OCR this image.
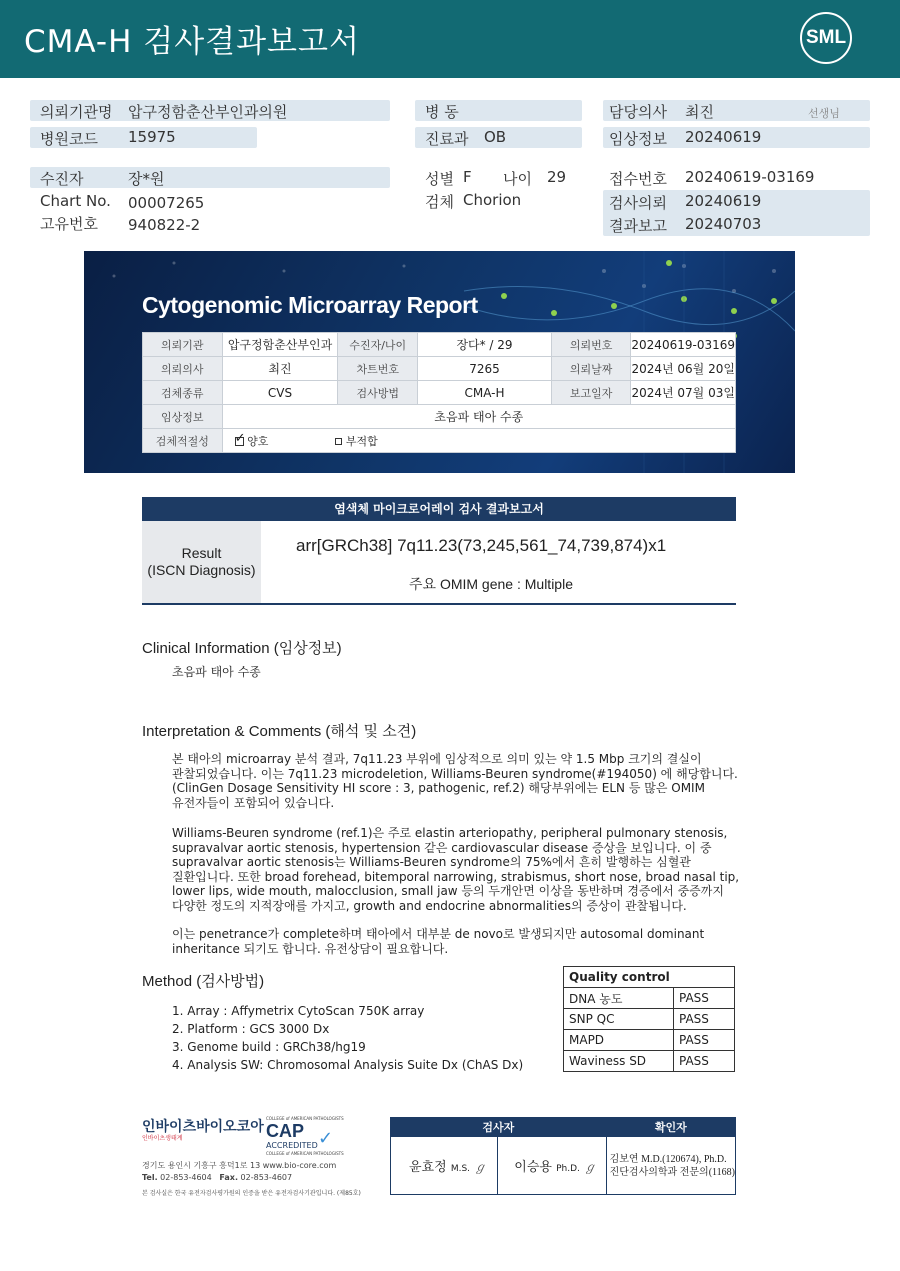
CMA-H 검사결과보고서	SML
의뢰기관명 압구정함춘산부인과의원
병원코드 15975
병 동
진료과 OB
담당의사 최진	선생님
임상정보 20240619
수진자	장*원
Chart No. 00007265
고유번호 940822-2
성별 F 나이 29
검체 Chorion
접수번호 20240619-03169
검사의뢰 20240619
결과보고 20240703
Cytogenomic Microarray Report
의뢰기관	압구정함춘산부인과	수진자/나이	장다* / 29	의뢰번호	20240619-03169
의뢰의사	최진	차트번호	7265	의뢰날짜	2024년 06월 20일
검체종류	CVS	검사방법	CMA-H	보고일자	2024년 07월 03일
임상정보	초음파 태아 수종				
검체적절성	✓ 양호 부적합				
염색체 마이크로어레이 검사 결과보고서
Result
(ISCN Diagnosis)
arr[GRCh38] 7q11.23(73,245,561_74,739,874)x1
주요 OMIM gene : Multiple
Clinical Information (임상정보)
초음파 태아 수종
Interpretation & Comments (해석 및 소견)
본 태아의 microarray 분석 결과, 7q11.23 부위에 임상적으로 의미 있는 약 1.5 Mbp 크기의 결실이
관찰되었습니다. 이는 7q11.23 microdeletion, Williams-Beuren syndrome(#194050) 에 해당합니다.
(ClinGen Dosage Sensitivity HI score : 3, pathogenic, ref.2) 해당부위에는 ELN 등 많은 OMIM
유전자들이 포함되어 있습니다.
Williams-Beuren syndrome (ref.1)은 주로 elastin arteriopathy, peripheral pulmonary stenosis,
supravalvar aortic stenosis, hypertension 같은 cardiovascular disease 증상을 보입니다. 이 중
supravalvar aortic stenosis는 Williams-Beuren syndrome의 75%에서 흔히 발행하는 심혈관
질환입니다. 또한 broad forehead, bitemporal narrowing, strabismus, short nose, broad nasal tip,
lower lips, wide mouth, malocclusion, small jaw 등의 두개안면 이상을 동반하며 경증에서 중증까지
다양한 정도의 지적장애를 가지고, growth and endocrine abnormalities의 증상이 관찰됩니다.
이는 penetrance가 complete하며 태아에서 대부분 de novo로 발생되지만 autosomal dominant
inheritance 되기도 합니다. 유전상담이 필요합니다.
Method (검사방법)
1. Array : Affymetrix CytoScan 750K array
2. Platform : GCS 3000 Dx
3. Genome build : GRCh38/hg19
4. Analysis SW: Chromosomal Analysis Suite Dx (ChAS Dx)
Quality control	
DNA 농도	PASS
SNP QC	PASS
MAPD	PASS
Waviness SD	PASS
인바이츠바이오코아
인바이츠생태계
COLLEGE of AMERICAN PATHOLOGISTS
CAP
ACCREDITED ✓
COLLEGE of AMERICAN PATHOLOGISTS
경기도 용인시 기흥구 흥덕1로 13 www.bio-core.com
Tel. 02-853-4604 Fax. 02-853-4607
본 검사실은 한국 유전자검사평가원의 인증을 받은 유전자검사기관입니다. (제85호)
검사자		확인자
윤효정 M.S. ℊ	이승용 Ph.D. ℊ	김보연 M.D.(120674), Ph.D.
진단검사의학과 전문의(1168)
